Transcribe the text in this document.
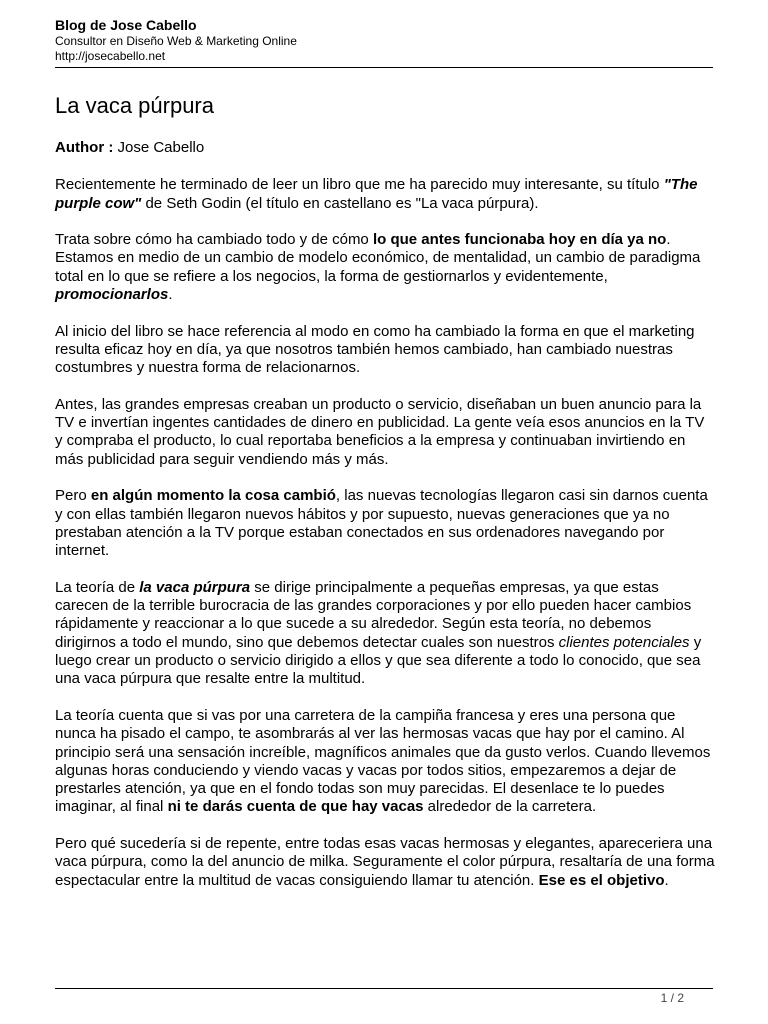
Blog de Jose Cabello
Consultor en Diseño Web & Marketing Online
http://josecabello.net
La vaca púrpura

Author : Jose Cabello

Recientemente he terminado de leer un libro que me ha parecido muy interesante, su título "The purple cow" de Seth Godin (el título en castellano es "La vaca púrpura).

Trata sobre cómo ha cambiado todo y de cómo lo que antes funcionaba hoy en día ya no. Estamos en medio de un cambio de modelo económico, de mentalidad, un cambio de paradigma total en lo que se refiere a los negocios, la forma de gestiornarlos y evidentemente, promocionarlos.

Al inicio del libro se hace referencia al modo en como ha cambiado la forma en que el marketing resulta eficaz hoy en día, ya que nosotros también hemos cambiado, han cambiado nuestras costumbres y nuestra forma de relacionarnos.

Antes, las grandes empresas creaban un producto o servicio, diseñaban un buen anuncio para la TV e invertían ingentes cantidades de dinero en publicidad. La gente veía esos anuncios en la TV y compraba el producto, lo cual reportaba beneficios a la empresa y continuaban invirtiendo en más publicidad para seguir vendiendo más y más.

Pero en algún momento la cosa cambió, las nuevas tecnologías llegaron casi sin darnos cuenta y con ellas también llegaron nuevos hábitos y por supuesto, nuevas generaciones que ya no prestaban atención a la TV porque estaban conectados en sus ordenadores navegando por internet.

La teoría de la vaca púrpura se dirige principalmente a pequeñas empresas, ya que estas carecen de la terrible burocracia de las grandes corporaciones y por ello pueden hacer cambios rápidamente y reaccionar a lo que sucede a su alrededor. Según esta teoría, no debemos dirigirnos a todo el mundo, sino que debemos detectar cuales son nuestros clientes potenciales y luego crear un producto o servicio dirigido a ellos y que sea diferente a todo lo conocido, que sea una vaca púrpura que resalte entre la multitud.

La teoría cuenta que si vas por una carretera de la campiña francesa y eres una persona que nunca ha pisado el campo, te asombrarás al ver las hermosas vacas que hay por el camino. Al principio será una sensación increíble, magníficos animales que da gusto verlos. Cuando llevemos algunas horas conduciendo y viendo vacas y vacas por todos sitios, empezaremos a dejar de prestarles atención, ya que en el fondo todas son muy parecidas. El desenlace te lo puedes imaginar, al final ni te darás cuenta de que hay vacas alrededor de la carretera.

Pero qué sucedería si de repente, entre todas esas vacas hermosas y elegantes, apareceriera una vaca púrpura, como la del anuncio de milka. Seguramente el color púrpura, resaltaría de una forma espectacular entre la multitud de vacas consiguiendo llamar tu atención. Ese es el objetivo.

1 / 2
